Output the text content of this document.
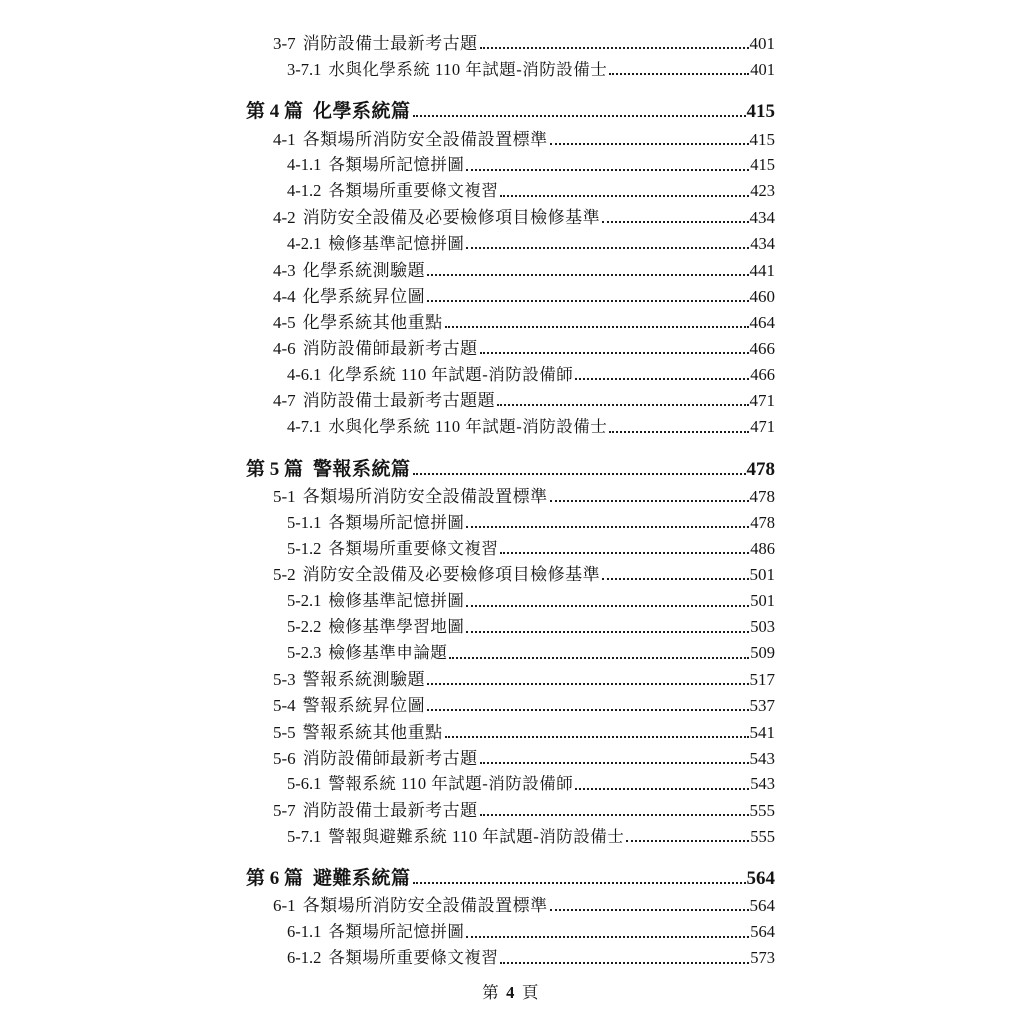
3-7 消防設備士最新考古題	401
3-7.1 水與化學系統 110 年試題-消防設備士	401
第 4 篇 化學系統篇	415
4-1 各類場所消防安全設備設置標準	415
4-1.1 各類場所記憶拼圖	415
4-1.2 各類場所重要條文複習	423
4-2 消防安全設備及必要檢修項目檢修基準	434
4-2.1 檢修基準記憶拼圖	434
4-3 化學系統測驗題	441
4-4 化學系統昇位圖	460
4-5 化學系統其他重點	464
4-6 消防設備師最新考古題	466
4-6.1 化學系統 110 年試題-消防設備師	466
4-7 消防設備士最新考古題題	471
4-7.1 水與化學系統 110 年試題-消防設備士	471
第 5 篇 警報系統篇	478
5-1 各類場所消防安全設備設置標準	478
5-1.1 各類場所記憶拼圖	478
5-1.2 各類場所重要條文複習	486
5-2 消防安全設備及必要檢修項目檢修基準	501
5-2.1 檢修基準記憶拼圖	501
5-2.2 檢修基準學習地圖	503
5-2.3 檢修基準申論題	509
5-3 警報系統測驗題	517
5-4 警報系統昇位圖	537
5-5 警報系統其他重點	541
5-6 消防設備師最新考古題	543
5-6.1 警報系統 110 年試題-消防設備師	543
5-7 消防設備士最新考古題	555
5-7.1 警報與避難系統 110 年試題-消防設備士	555
第 6 篇 避難系統篇	564
6-1 各類場所消防安全設備設置標準	564
6-1.1 各類場所記憶拼圖	564
6-1.2 各類場所重要條文複習	573
第 4 頁
